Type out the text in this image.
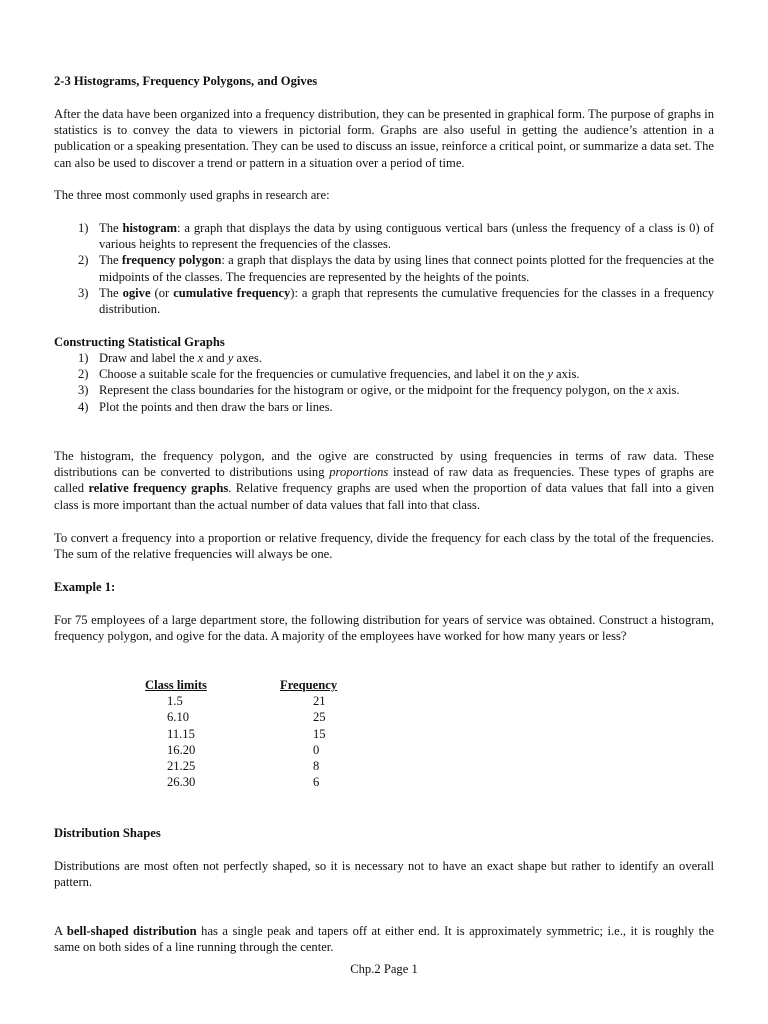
2-3 Histograms, Frequency Polygons, and Ogives

After the data have been organized into a frequency distribution, they can be presented in graphical form. The purpose of graphs in statistics is to convey the data to viewers in pictorial form. Graphs are also useful in getting the audience’s attention in a publication or a speaking presentation. They can be used to discuss an issue, reinforce a critical point, or summarize a data set. The can also be used to discover a trend or pattern in a situation over a period of time.

The three most commonly used graphs in research are:

1) The histogram: a graph that displays the data by using contiguous vertical bars (unless the frequency of a class is 0) of various heights to represent the frequencies of the classes.
2) The frequency polygon: a graph that displays the data by using lines that connect points plotted for the frequencies at the midpoints of the classes. The frequencies are represented by the heights of the points.
3) The ogive (or cumulative frequency): a graph that represents the cumulative frequencies for the classes in a frequency distribution.

Constructing Statistical Graphs

1) Draw and label the x and y axes.
2) Choose a suitable scale for the frequencies or cumulative frequencies, and label it on the y axis.
3) Represent the class boundaries for the histogram or ogive, or the midpoint for the frequency polygon, on the x axis.
4) Plot the points and then draw the bars or lines.

The histogram, the frequency polygon, and the ogive are constructed by using frequencies in terms of raw data. These distributions can be converted to distributions using proportions instead of raw data as frequencies. These types of graphs are called relative frequency graphs. Relative frequency graphs are used when the proportion of data values that fall into a given class is more important than the actual number of data values that fall into that class.

To convert a frequency into a proportion or relative frequency, divide the frequency for each class by the total of the frequencies. The sum of the relative frequencies will always be one.

Example 1:

For 75 employees of a large department store, the following distribution for years of service was obtained. Construct a histogram, frequency polygon, and ogive for the data. A majority of the employees have worked for how many years or less?

Class limits	Frequency
1.5	21
6.10	25
11.15	15
16.20	0
21.25	8
26.30	6

Distribution Shapes

Distributions are most often not perfectly shaped, so it is necessary not to have an exact shape but rather to identify an overall pattern.

A bell-shaped distribution has a single peak and tapers off at either end. It is approximately symmetric; i.e., it is roughly the same on both sides of a line running through the center.

Chp.2 Page 1
